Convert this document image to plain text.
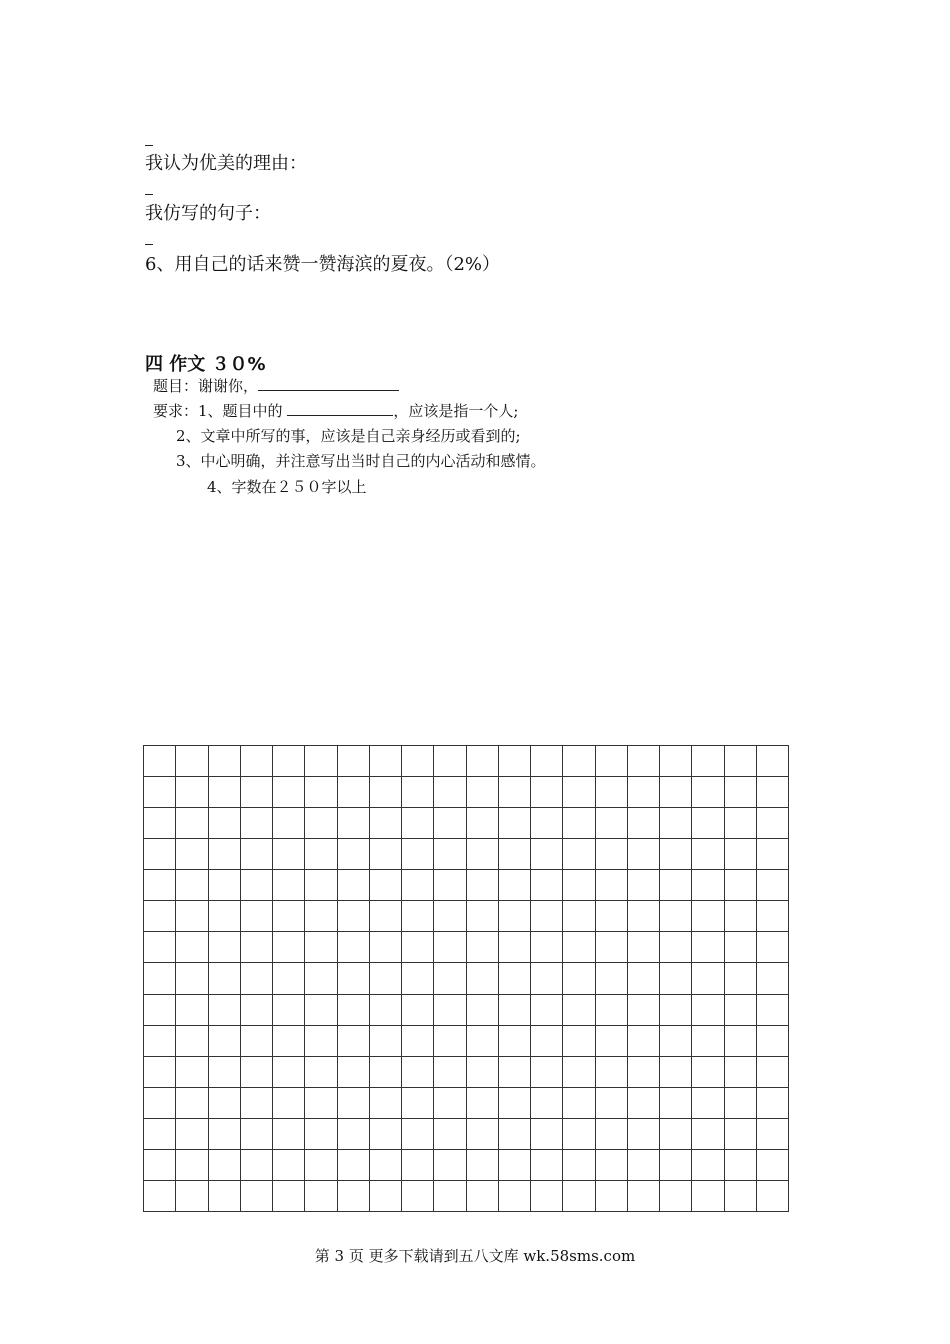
我认为优美的理由：
我仿写的句子：
6、用自己的话来赞一赞海滨的夏夜。（2%）
四 作文 ３０%
题目：谢谢你，
要求：1、题目中的	，应该是指一个人;
2、文章中所写的事，应该是自己亲身经历或看到的;
3、中心明确，并注意写出当时自己的内心活动和感情。
4、字数在２５０字以上

第 3 页 更多下载请到五八文库 wk.58sms.com
